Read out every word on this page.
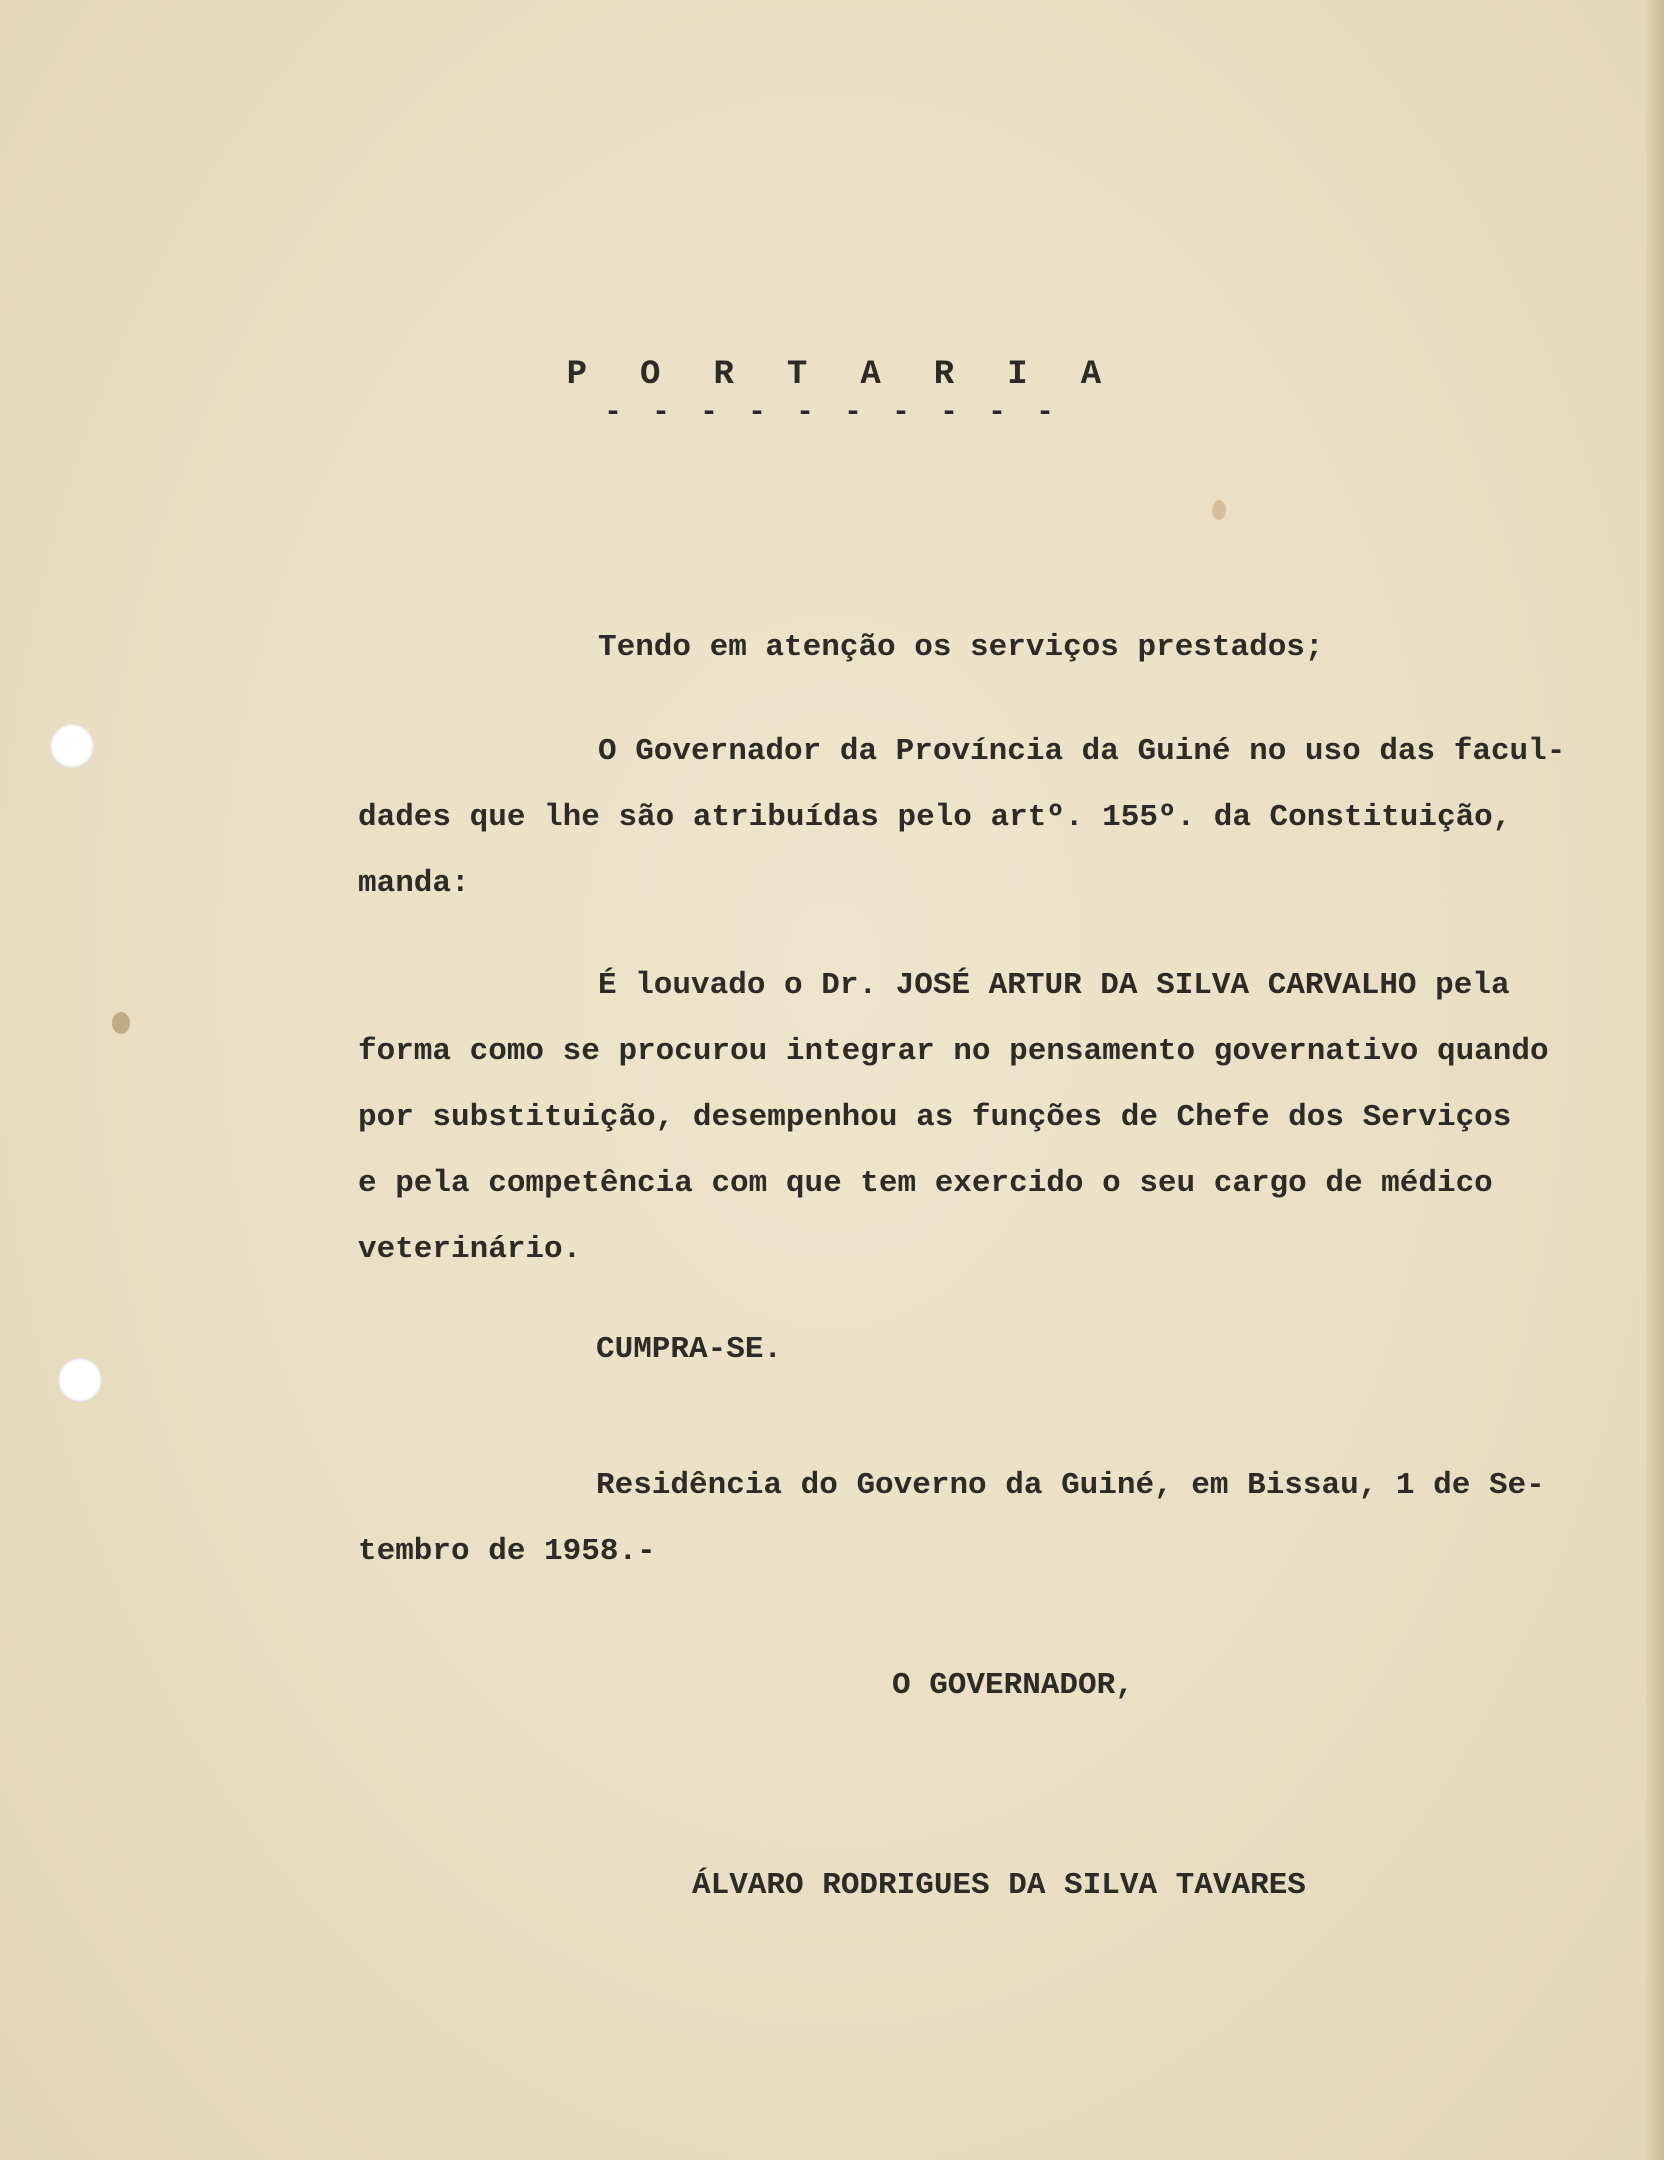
P O R T A R I A
- - - - - - - - - -

Tendo em atenção os serviços prestados;

O Governador da Província da Guiné no uso das facul-

dades que lhe são atribuídas pelo artº. 155º. da Constituição,

manda:

É louvado o Dr. JOSÉ ARTUR DA SILVA CARVALHO pela

forma como se procurou integrar no pensamento governativo quando

por substituição, desempenhou as funções de Chefe dos Serviços

e pela competência com que tem exercido o seu cargo de médico

veterinário.

CUMPRA-SE.

Residência do Governo da Guiné, em Bissau, 1 de Se-

tembro de 1958.-

O GOVERNADOR,

ÁLVARO RODRIGUES DA SILVA TAVARES
